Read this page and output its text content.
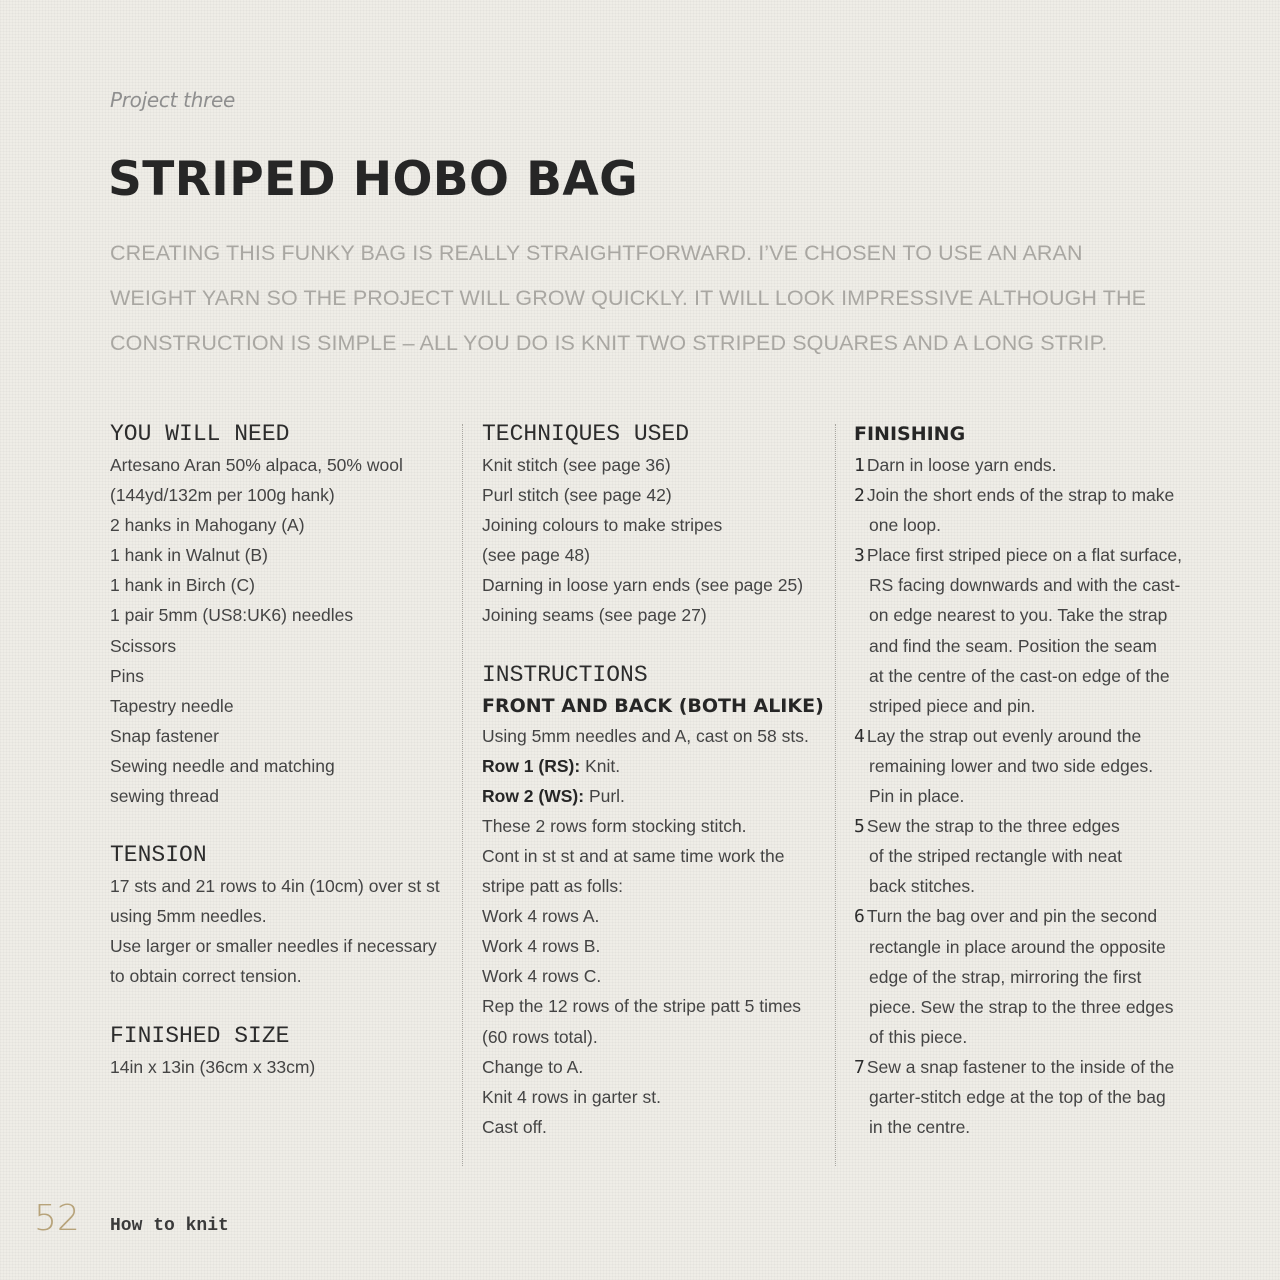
Project three
STRIPED HOBO BAG
CREATING THIS FUNKY BAG IS REALLY STRAIGHTFORWARD. I’VE CHOSEN TO USE AN ARAN
WEIGHT YARN SO THE PROJECT WILL GROW QUICKLY. IT WILL LOOK IMPRESSIVE ALTHOUGH THE
CONSTRUCTION IS SIMPLE – ALL YOU DO IS KNIT TWO STRIPED SQUARES AND A LONG STRIP.
YOU WILL NEED
Artesano Aran 50% alpaca, 50% wool
(144yd/132m per 100g hank)
2 hanks in Mahogany (A)
1 hank in Walnut (B)
1 hank in Birch (C)
1 pair 5mm (US8:UK6) needles
Scissors
Pins
Tapestry needle
Snap fastener
Sewing needle and matching
sewing thread
TENSION
17 sts and 21 rows to 4in (10cm) over st st
using 5mm needles.
Use larger or smaller needles if necessary
to obtain correct tension.
FINISHED SIZE
14in x 13in (36cm x 33cm)
TECHNIQUES USED
Knit stitch (see page 36)
Purl stitch (see page 42)
Joining colours to make stripes
(see page 48)
Darning in loose yarn ends (see page 25)
Joining seams (see page 27)
INSTRUCTIONS
FRONT AND BACK (BOTH ALIKE)
Using 5mm needles and A, cast on 58 sts.
Row 1 (RS): Knit.
Row 2 (WS): Purl.
These 2 rows form stocking stitch.
Cont in st st and at same time work the
stripe patt as folls:
Work 4 rows A.
Work 4 rows B.
Work 4 rows C.
Rep the 12 rows of the stripe patt 5 times
(60 rows total).
Change to A.
Knit 4 rows in garter st.
Cast off.
FINISHING
1 Darn in loose yarn ends.
2 Join the short ends of the strap to make
one loop.
3 Place first striped piece on a flat surface,
RS facing downwards and with the cast-
on edge nearest to you. Take the strap
and find the seam. Position the seam
at the centre of the cast-on edge of the
striped piece and pin.
4 Lay the strap out evenly around the
remaining lower and two side edges.
Pin in place.
5 Sew the strap to the three edges
of the striped rectangle with neat
back stitches.
6 Turn the bag over and pin the second
rectangle in place around the opposite
edge of the strap, mirroring the first
piece. Sew the strap to the three edges
of this piece.
7 Sew a snap fastener to the inside of the
garter-stitch edge at the top of the bag
in the centre.
52 How to knit
